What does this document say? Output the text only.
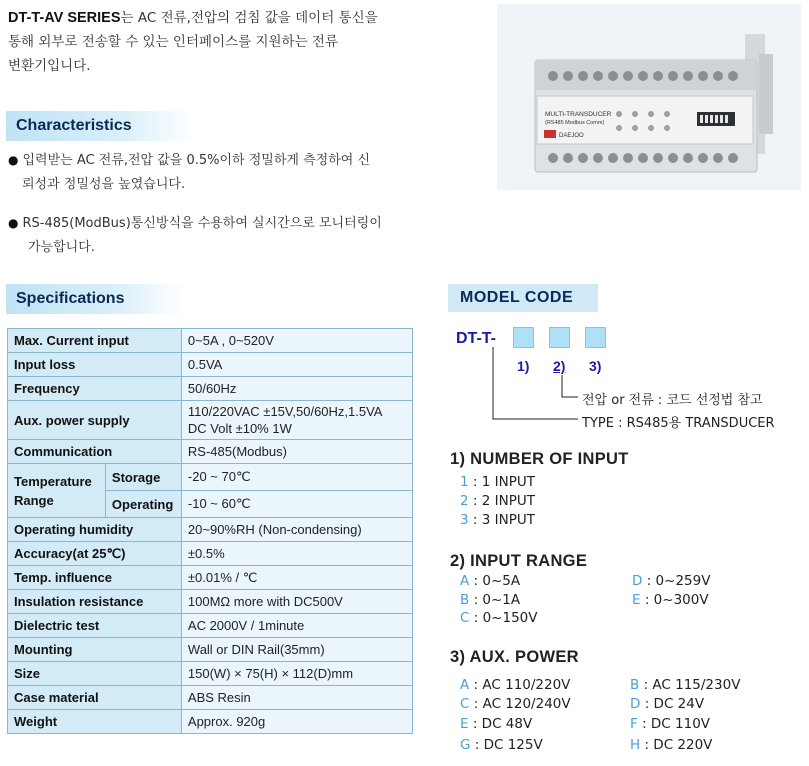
DT-T-AV SERIES는 AC 전류,전압의 검침 값을 데이터 통신을
통해 외부로 전송할 수 있는 인터페이스를 지원하는 전류
변환기입니다.
Characteristics
● 입력받는 AC 전류,전압 값을 0.5%이하 정밀하게 측정하여 신
뢰성과 정밀성을 높였습니다.
● RS-485(ModBus)통신방식을 수용하여 실시간으로 모니터링이
가능합니다.
MULTI-TRANSDUCER
(RS485 Modbus Comm)
DAEJOO
Specifications
Max. Current input		0~5A , 0~520V
Input loss		0.5VA
Frequency		50/60Hz
Aux. power supply		110/220VAC ±15V,50/60Hz,1.5VA
DC Volt ±10% 1W

Communication		RS-485(Modbus)

Temperature
Range	Storage	-20 ~ 70℃
	Operating	-10 ~ 60℃
Operating humidity		20~90%RH (Non-condensing)
Accuracy(at 25℃)		±0.5%
Temp. influence		±0.01% / ℃
Insulation resistance		100MΩ more with DC500V
Dielectric test		AC 2000V / 1minute
Mounting		Wall or DIN Rail(35mm)
Size		150(W) × 75(H) × 112(D)mm
Case material		ABS Resin
Weight		Approx. 920g
MODEL CODE
DT-T-
1) 2) 3)
전압 or 전류 : 코드 선정법 참고
TYPE : RS485용 TRANSDUCER
1) NUMBER OF INPUT
1 : 1 INPUT
2 : 2 INPUT
3 : 3 INPUT
2) INPUT RANGE
A : 0~5A	D : 0~259V
B : 0~1A	E : 0~300V
C : 0~150V
3) AUX. POWER
A : AC 110/220V	B : AC 115/230V
C : AC 120/240V	D : DC 24V
E : DC 48V	F : DC 110V
G : DC 125V	H : DC 220V
